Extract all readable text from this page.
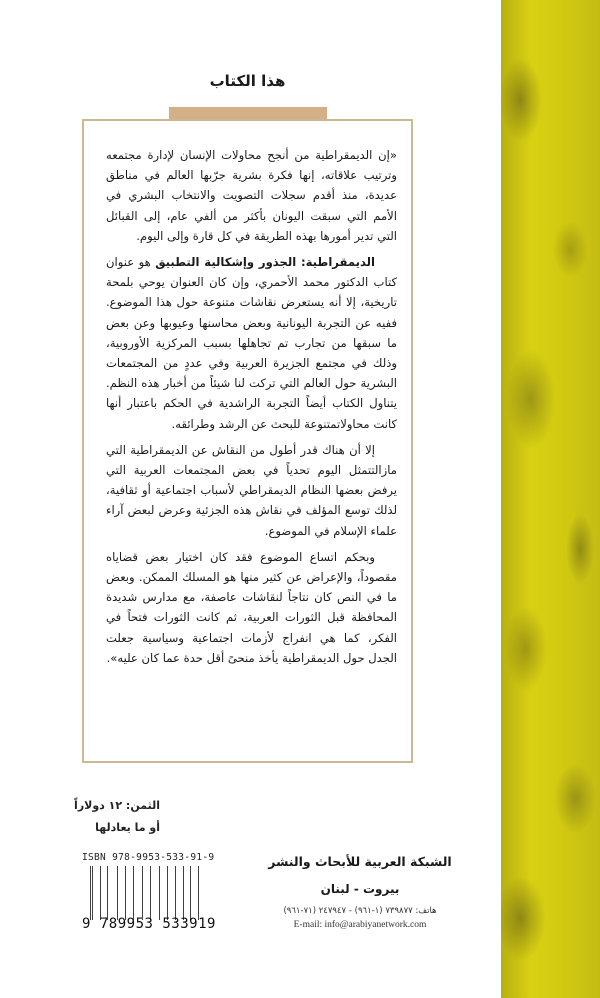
هذا الكتاب

«إن الديمقراطية من أنجح محاولات الإنسان لإدارة مجتمعه وترتيب علاقاته، إنها فكرة بشرية جرّبها العالم في مناطق عديدة، منذ أقدم سجلات التصويت والانتخاب البشري في الأمم التي سبقت اليونان بأكثر من ألفي عام، إلى القبائل التي تدير أمورها بهذه الطريقة في كل قارة وإلى اليوم.

الديمقراطية: الجذور وإشكالية التطبيق هو عنوان كتاب الدكتور محمد الأحمري، وإن كان العنوان يوحي بلمحة تاريخية، إلا أنه يستعرض نقاشات متنوعة حول هذا الموضوع. ففيه عن التجربة اليونانية وبعض محاسنها وعيوبها وعن بعض ما سبقها من تجارب تم تجاهلها بسبب المركزية الأوروبية، وذلك في مجتمع الجزيرة العربية وفي عددٍ من المجتمعات البشرية حول العالم التي تركت لنا شيئاً من أخبار هذه النظم. يتناول الكتاب أيضاً التجربة الراشدية في الحكم باعتبار أنها كانت محاولاتمتنوعة للبحث عن الرشد وطرائقه.

إلا أن هناك قدر أطول من النقاش عن الديمقراطية التي مازالتتمثل اليوم تحدياً في بعض المجتمعات العربية التي يرفض بعضها النظام الديمقراطي لأسباب اجتماعية أو ثقافية، لذلك توسع المؤلف في نقاش هذه الجزئية وعرض لبعض آراء علماء الإسلام في الموضوع.

وبحكم اتساع الموضوع فقد كان اختيار بعض قضاياه مقصوداً، والإعراض عن كثير منها هو المسلك الممكن. وبعض ما في النص كان نتاجاً لنقاشات عاصفة، مع مدارس شديدة المحافظة قبل الثورات العربية، ثم كانت الثورات فتحاً في الفكر، كما هي انفراج لأزمات اجتماعية وسياسية جعلت الجدل حول الديمقراطية يأخذ منحىً أقل حدة عما كان عليه».

الثمن: ١٢ دولاراً
أو ما يعادلها
ISBN 978-9953-533-91-9
9 789953 533919
الشبكة العربية للأبحاث والنشر
بيروت - لبنان
هاتف: ٧٣٩٨٧٧ (١-٩٦١) - ٢٤٧٩٤٧ (٧١-٩٦١)
E-mail: info@arabiyanetwork.com
